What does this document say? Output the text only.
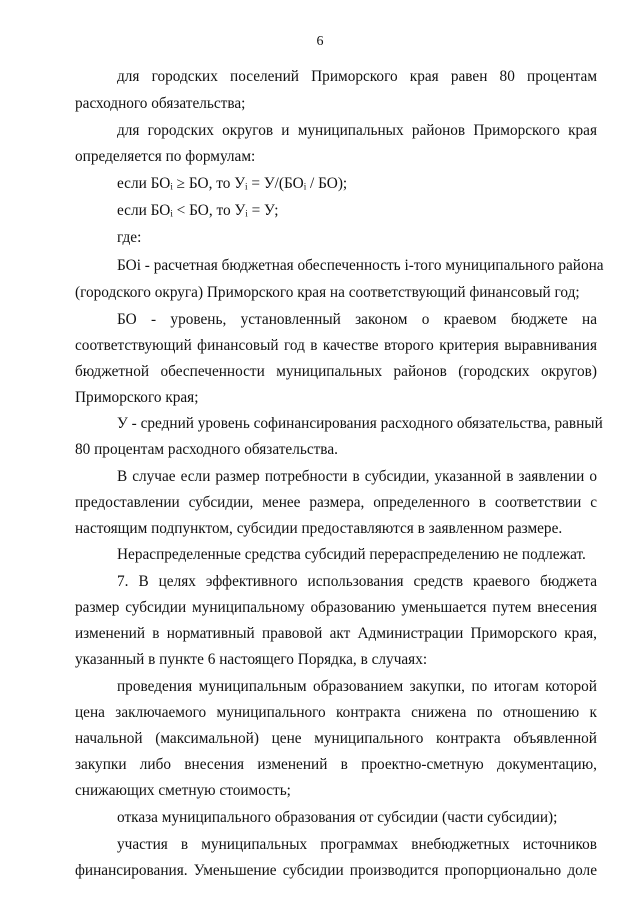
6
для городских поселений Приморского края равен 80 процентам
расходного обязательства;
для городских округов и муниципальных районов Приморского края
определяется по формулам:
если БОᵢ ≥ БО, то Уᵢ = У/(БОᵢ / БО);
если БОᵢ < БО, то Уᵢ = У;
где:
БОi - расчетная бюджетная обеспеченность i-того муниципального района
(городского округа) Приморского края на соответствующий финансовый год;
БО - уровень, установленный законом о краевом бюджете на
соответствующий финансовый год в качестве второго критерия выравнивания
бюджетной обеспеченности муниципальных районов (городских округов)
Приморского края;
У - средний уровень софинансирования расходного обязательства, равный
80 процентам расходного обязательства.
В случае если размер потребности в субсидии, указанной в заявлении о
предоставлении субсидии, менее размера, определенного в соответствии с
настоящим подпунктом, субсидии предоставляются в заявленном размере.
Нераспределенные средства субсидий перераспределению не подлежат.
7. В целях эффективного использования средств краевого бюджета
размер субсидии муниципальному образованию уменьшается путем внесения
изменений в нормативный правовой акт Администрации Приморского края,
указанный в пункте 6 настоящего Порядка, в случаях:
проведения муниципальным образованием закупки, по итогам которой
цена заключаемого муниципального контракта снижена по отношению к
начальной (максимальной) цене муниципального контракта объявленной
закупки либо внесения изменений в проектно-сметную документацию,
снижающих сметную стоимость;
отказа муниципального образования от субсидии (части субсидии);
участия в муниципальных программах внебюджетных источников
финансирования. Уменьшение субсидии производится пропорционально доле
